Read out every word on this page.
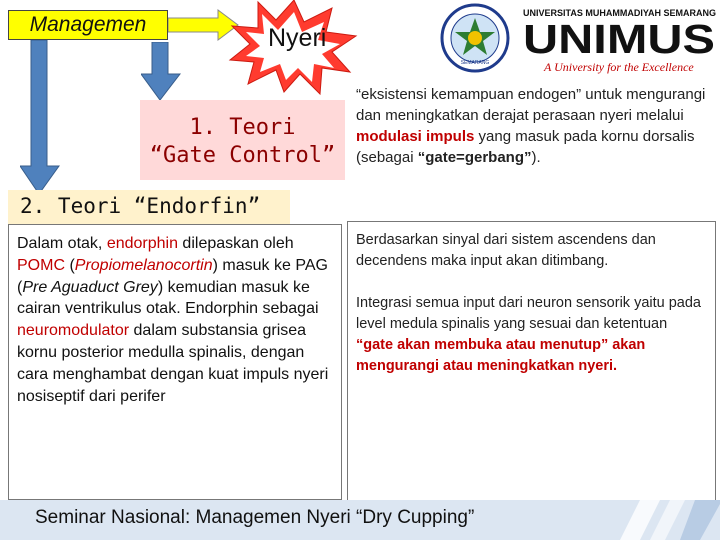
Managemen	Nyeri
SEMARANG
UNIVERSITAS MUHAMMADIYAH SEMARANG
UNIMUS
A University for the Excellence
1. Teori
“Gate Control”
2. Teori “Endorfin”
“eksistensi kemampuan endogen” untuk mengurangi dan meningkatkan derajat perasaan nyeri melalui modulasi impuls yang masuk pada kornu dorsalis (sebagai “gate=gerbang”).
Dalam otak, endorphin dilepaskan oleh POMC (Propiomelanocortin) masuk ke PAG (Pre Aguaduct Grey) kemudian masuk ke cairan ventrikulus otak. Endorphin sebagai neuromodulator dalam substansia grisea kornu posterior medulla spinalis, dengan cara menghambat dengan kuat impuls nyeri nosiseptif dari perifer
Berdasarkan sinyal dari sistem ascendens dan decendens maka input akan ditimbang.
Integrasi semua input dari neuron sensorik yaitu pada level medula spinalis yang sesuai dan ketentuan “gate akan membuka atau menutup” akan mengurangi atau meningkatkan nyeri.
Seminar Nasional: Managemen Nyeri “Dry Cupping”
